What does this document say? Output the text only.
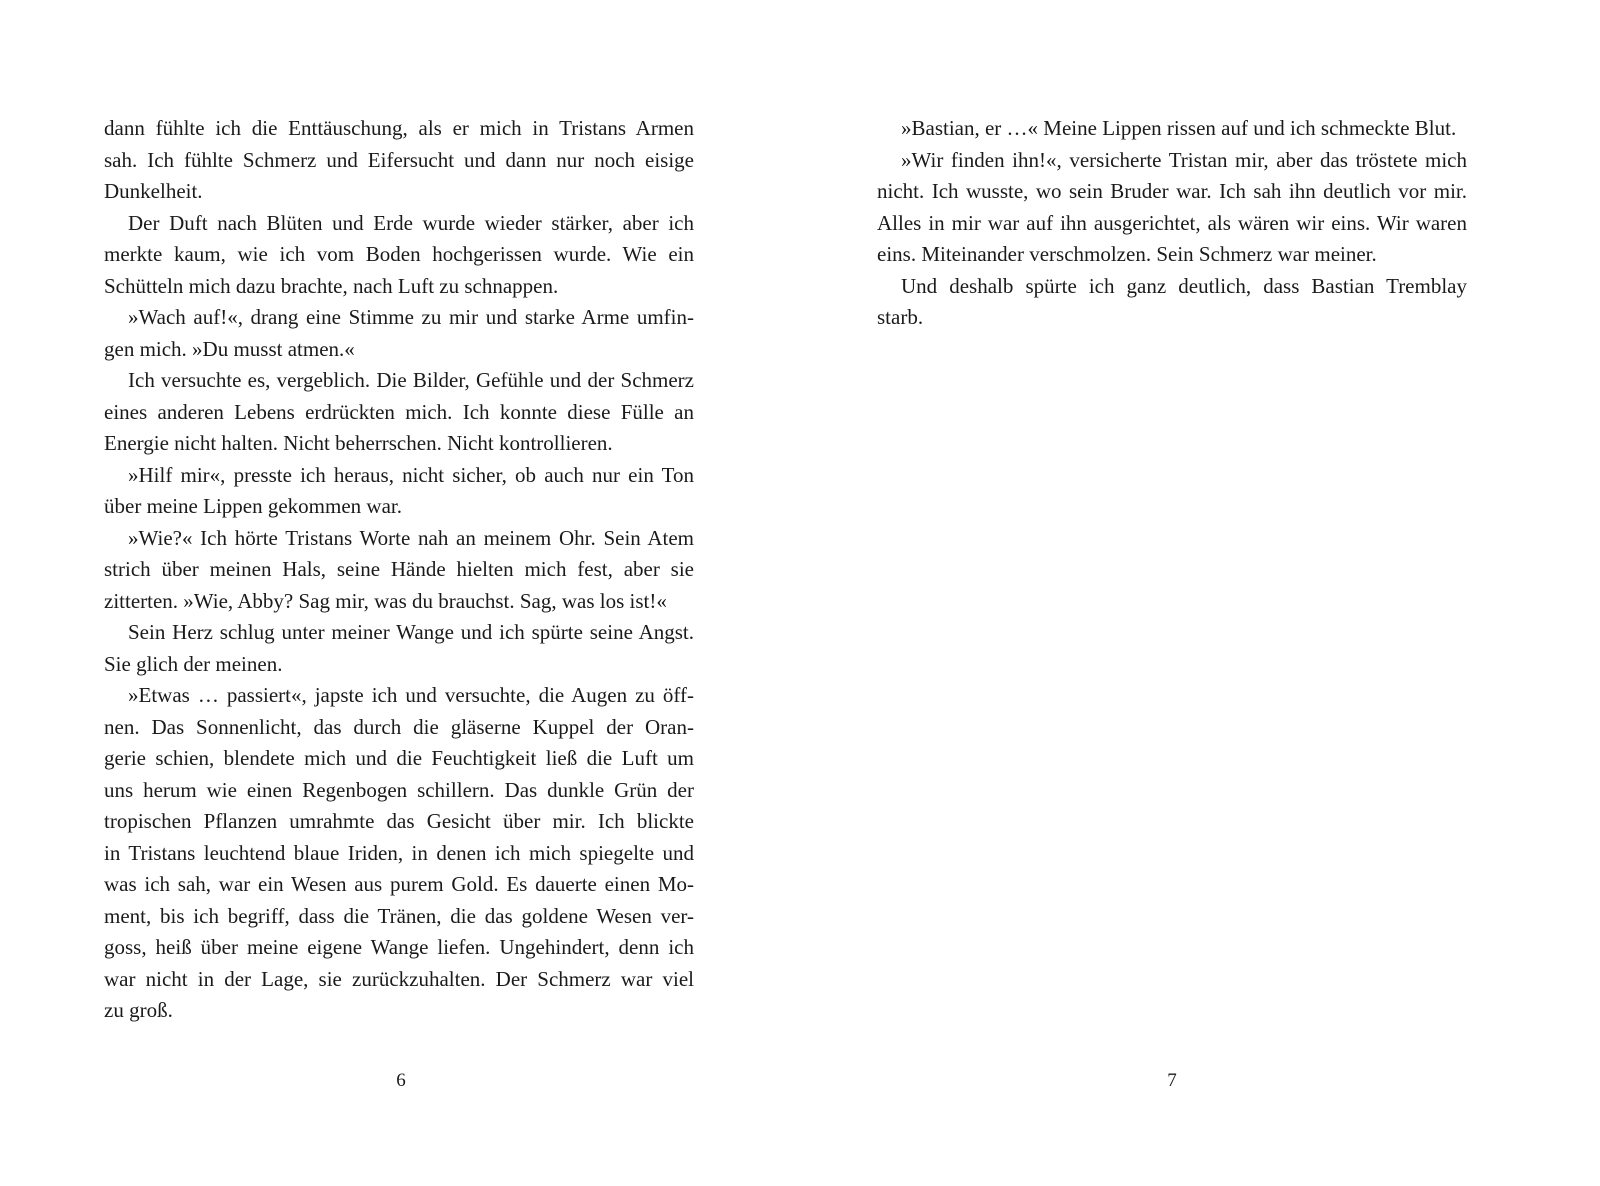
dann fühlte ich die Enttäuschung, als er mich in Tristans Armen
sah. Ich fühlte Schmerz und Eifersucht und dann nur noch eisige
Dunkelheit.
Der Duft nach Blüten und Erde wurde wieder stärker, aber ich
merkte kaum, wie ich vom Boden hochgerissen wurde. Wie ein
Schütteln mich dazu brachte, nach Luft zu schnappen.
»Wach auf!«, drang eine Stimme zu mir und starke Arme umfin-
gen mich. »Du musst atmen.«
Ich versuchte es, vergeblich. Die Bilder, Gefühle und der Schmerz
eines anderen Lebens erdrückten mich. Ich konnte diese Fülle an
Energie nicht halten. Nicht beherrschen. Nicht kontrollieren.
»Hilf mir«, presste ich heraus, nicht sicher, ob auch nur ein Ton
über meine Lippen gekommen war.
»Wie?« Ich hörte Tristans Worte nah an meinem Ohr. Sein Atem
strich über meinen Hals, seine Hände hielten mich fest, aber sie
zitterten. »Wie, Abby? Sag mir, was du brauchst. Sag, was los ist!«
Sein Herz schlug unter meiner Wange und ich spürte seine Angst.
Sie glich der meinen.
»Etwas … passiert«, japste ich und versuchte, die Augen zu öff-
nen. Das Sonnenlicht, das durch die gläserne Kuppel der Oran-
gerie schien, blendete mich und die Feuchtigkeit ließ die Luft um
uns herum wie einen Regenbogen schillern. Das dunkle Grün der
tropischen Pflanzen umrahmte das Gesicht über mir. Ich blickte
in Tristans leuchtend blaue Iriden, in denen ich mich spiegelte und
was ich sah, war ein Wesen aus purem Gold. Es dauerte einen Mo-
ment, bis ich begriff, dass die Tränen, die das goldene Wesen ver-
goss, heiß über meine eigene Wange liefen. Ungehindert, denn ich
war nicht in der Lage, sie zurückzuhalten. Der Schmerz war viel
zu groß.
6
»Bastian, er …« Meine Lippen rissen auf und ich schmeckte Blut.
»Wir finden ihn!«, versicherte Tristan mir, aber das tröstete mich
nicht. Ich wusste, wo sein Bruder war. Ich sah ihn deutlich vor mir.
Alles in mir war auf ihn ausgerichtet, als wären wir eins. Wir waren
eins. Miteinander verschmolzen. Sein Schmerz war meiner.
Und deshalb spürte ich ganz deutlich, dass Bastian Tremblay
starb.
7
